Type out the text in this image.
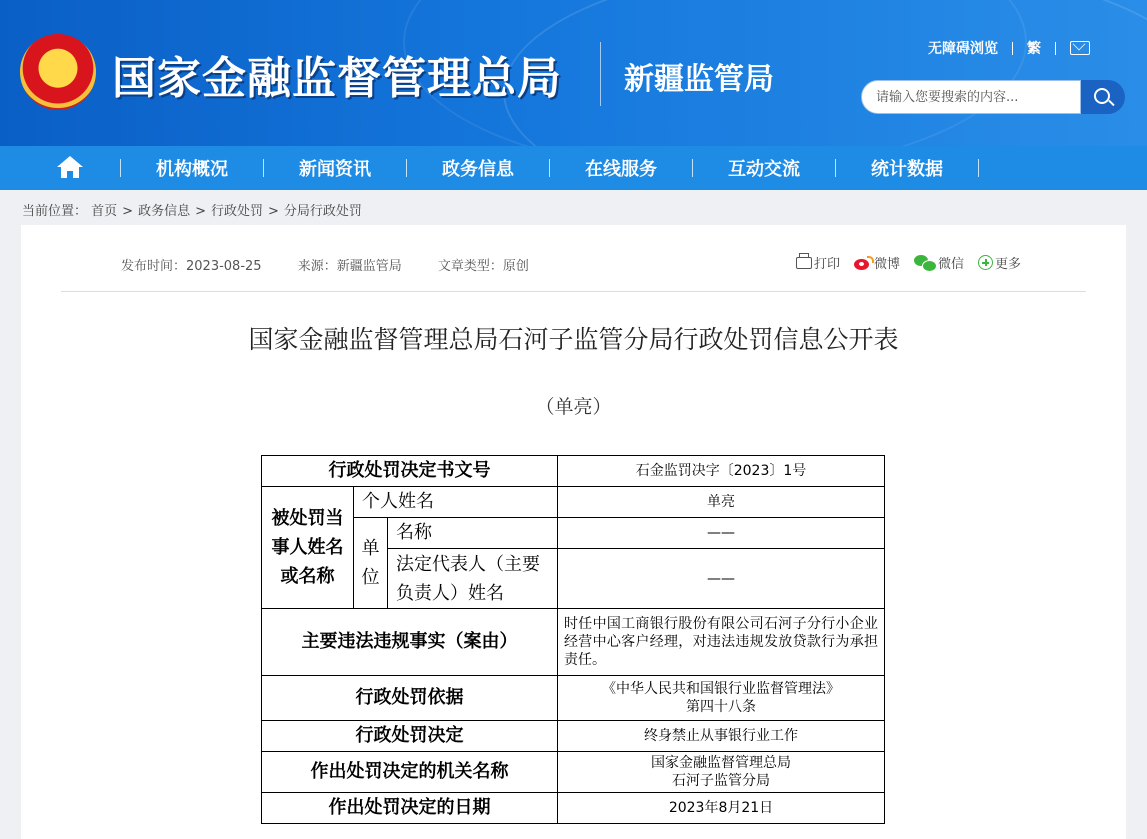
★ 国家金融监督管理总局 新疆监管局
无障碍浏览 繁
请输入您要搜索的内容...
机构概况	新闻资讯	政务信息	在线服务	互动交流	统计数据
当前位置： 首页 > 政务信息 > 行政处罚 > 分局行政处罚
发布时间：2023-08-25	来源：新疆监管局	文章类型：原创	打印	微博	微信 更多
国家金融监督管理总局石河子监管分局行政处罚信息公开表
（单亮）
行政处罚决定书文号			石金监罚决字〔2023〕1号
被处罚当事人姓名或名称	个人姓名		单亮
	单位	名称	——
		法定代表人（主要负责人）姓名	——
主要违法违规事实（案由）			时任中国工商银行股份有限公司石河子分行小企业经营中心客户经理，对违法违规发放贷款行为承担责任。
行政处罚依据			《中华人民共和国银行业监督管理法》
第四十八条

行政处罚决定			终身禁止从事银行业工作
作出处罚决定的机关名称			国家金融监督管理总局
石河子监管分局

作出处罚决定的日期			2023年8月21日
